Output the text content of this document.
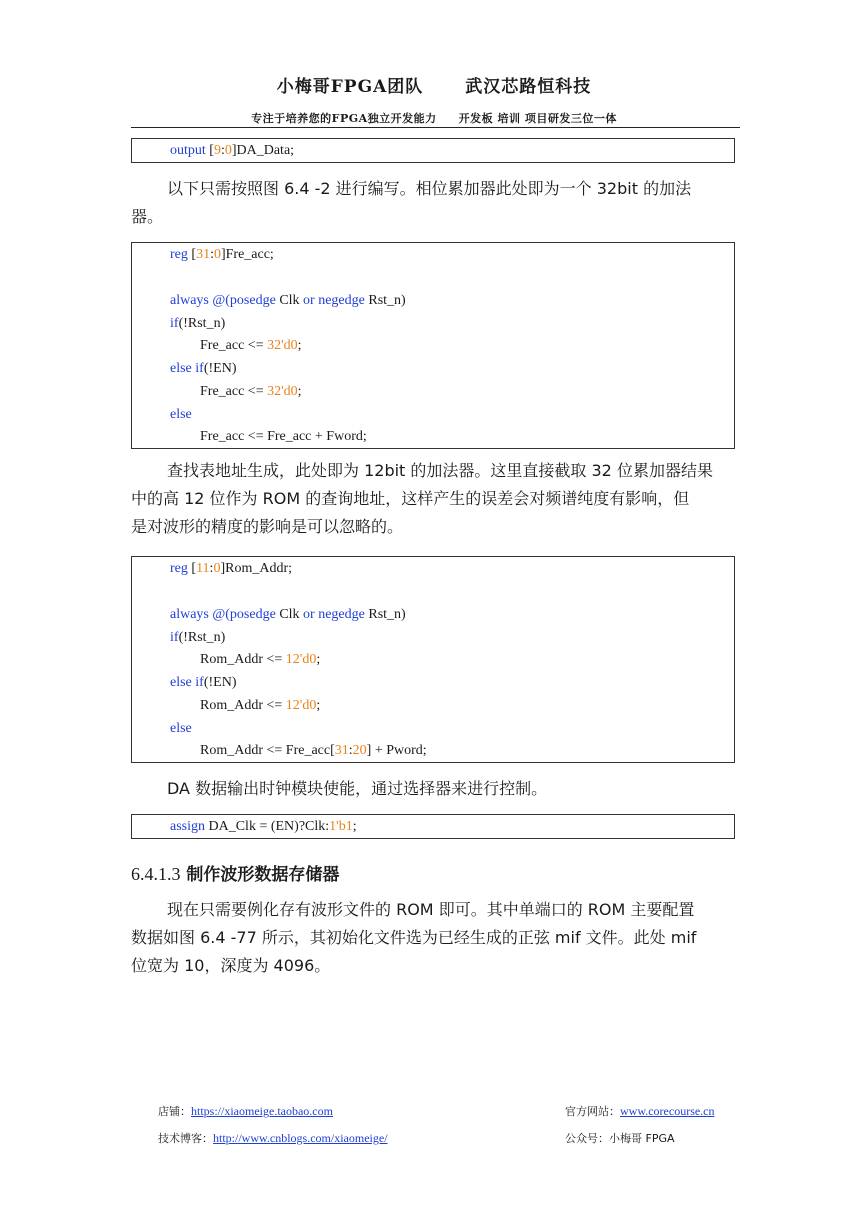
小梅哥FPGA团队 武汉芯路恒科技
专注于培养您的FPGA独立开发能力 开发板 培训 项目研发三位一体
output [9:0]DA_Data;
以下只需按照图 6.4 -2 进行编写。相位累加器此处即为一个 32bit 的加法
器。
reg [31:0]Fre_acc;
always @(posedge Clk or negedge Rst_n)
if(!Rst_n)
Fre_acc <= 32'd0;
else if(!EN)
Fre_acc <= 32'd0;
else
Fre_acc <= Fre_acc + Fword;
查找表地址生成，此处即为 12bit 的加法器。这里直接截取 32 位累加器结果
中的高 12 位作为 ROM 的查询地址，这样产生的误差会对频谱纯度有影响，但
是对波形的精度的影响是可以忽略的。
reg [11:0]Rom_Addr;
always @(posedge Clk or negedge Rst_n)
if(!Rst_n)
Rom_Addr <= 12'd0;
else if(!EN)
Rom_Addr <= 12'd0;
else
Rom_Addr <= Fre_acc[31:20] + Pword;
DA 数据输出时钟模块使能，通过选择器来进行控制。
assign DA_Clk = (EN)?Clk:1'b1;
6.4.1.3 制作波形数据存储器
现在只需要例化存有波形文件的 ROM 即可。其中单端口的 ROM 主要配置
数据如图 6.4 -77 所示，其初始化文件选为已经生成的正弦 mif 文件。此处 mif
位宽为 10，深度为 4096。
店铺：https://xiaomeige.taobao.com	官方网站：www.corecourse.cn
技术博客：http://www.cnblogs.com/xiaomeige/	公众号：小梅哥 FPGA
